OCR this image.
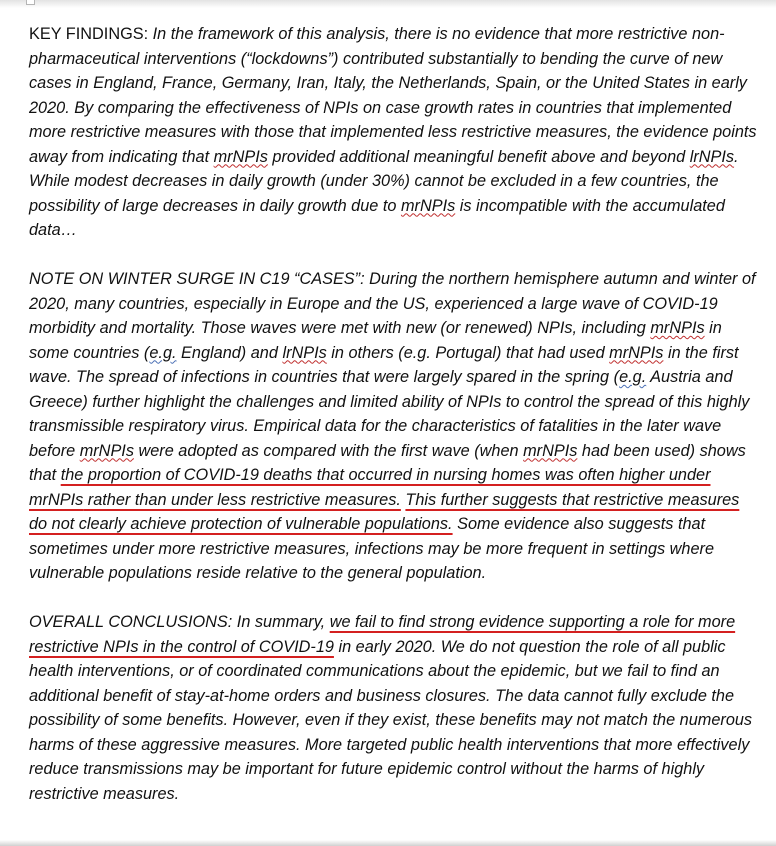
KEY FINDINGS: In the framework of this analysis, there is no evidence that more restrictive non-pharmaceutical interventions (“lockdowns”) contributed substantially to bending the curve of new cases in England, France, Germany, Iran, Italy, the Netherlands, Spain, or the United States in early 2020. By comparing the effectiveness of NPIs on case growth rates in countries that implemented more restrictive measures with those that implemented less restrictive measures, the evidence points away from indicating that mrNPIs provided additional meaningful benefit above and beyond lrNPIs. While modest decreases in daily growth (under 30%) cannot be excluded in a few countries, the possibility of large decreases in daily growth due to mrNPIs is incompatible with the accumulated data…

NOTE ON WINTER SURGE IN C19 “CASES”: During the northern hemisphere autumn and winter of 2020, many countries, especially in Europe and the US, experienced a large wave of COVID-19 morbidity and mortality. Those waves were met with new (or renewed) NPIs, including mrNPIs in some countries (e.g. England) and lrNPIs in others (e.g. Portugal) that had used mrNPIs in the first wave. The spread of infections in countries that were largely spared in the spring (e.g. Austria and Greece) further highlight the challenges and limited ability of NPIs to control the spread of this highly transmissible respiratory virus. Empirical data for the characteristics of fatalities in the later wave before mrNPIs were adopted as compared with the first wave (when mrNPIs had been used) shows that the proportion of COVID-19 deaths that occurred in nursing homes was often higher under mrNPIs rather than under less restrictive measures. This further suggests that restrictive measures do not clearly achieve protection of vulnerable populations. Some evidence also suggests that sometimes under more restrictive measures, infections may be more frequent in settings where vulnerable populations reside relative to the general population.

OVERALL CONCLUSIONS: In summary, we fail to find strong evidence supporting a role for more restrictive NPIs in the control of COVID-19 in early 2020. We do not question the role of all public health interventions, or of coordinated communications about the epidemic, but we fail to find an additional benefit of stay-at-home orders and business closures. The data cannot fully exclude the possibility of some benefits. However, even if they exist, these benefits may not match the numerous harms of these aggressive measures. More targeted public health interventions that more effectively reduce transmissions may be important for future epidemic control without the harms of highly restrictive measures.
